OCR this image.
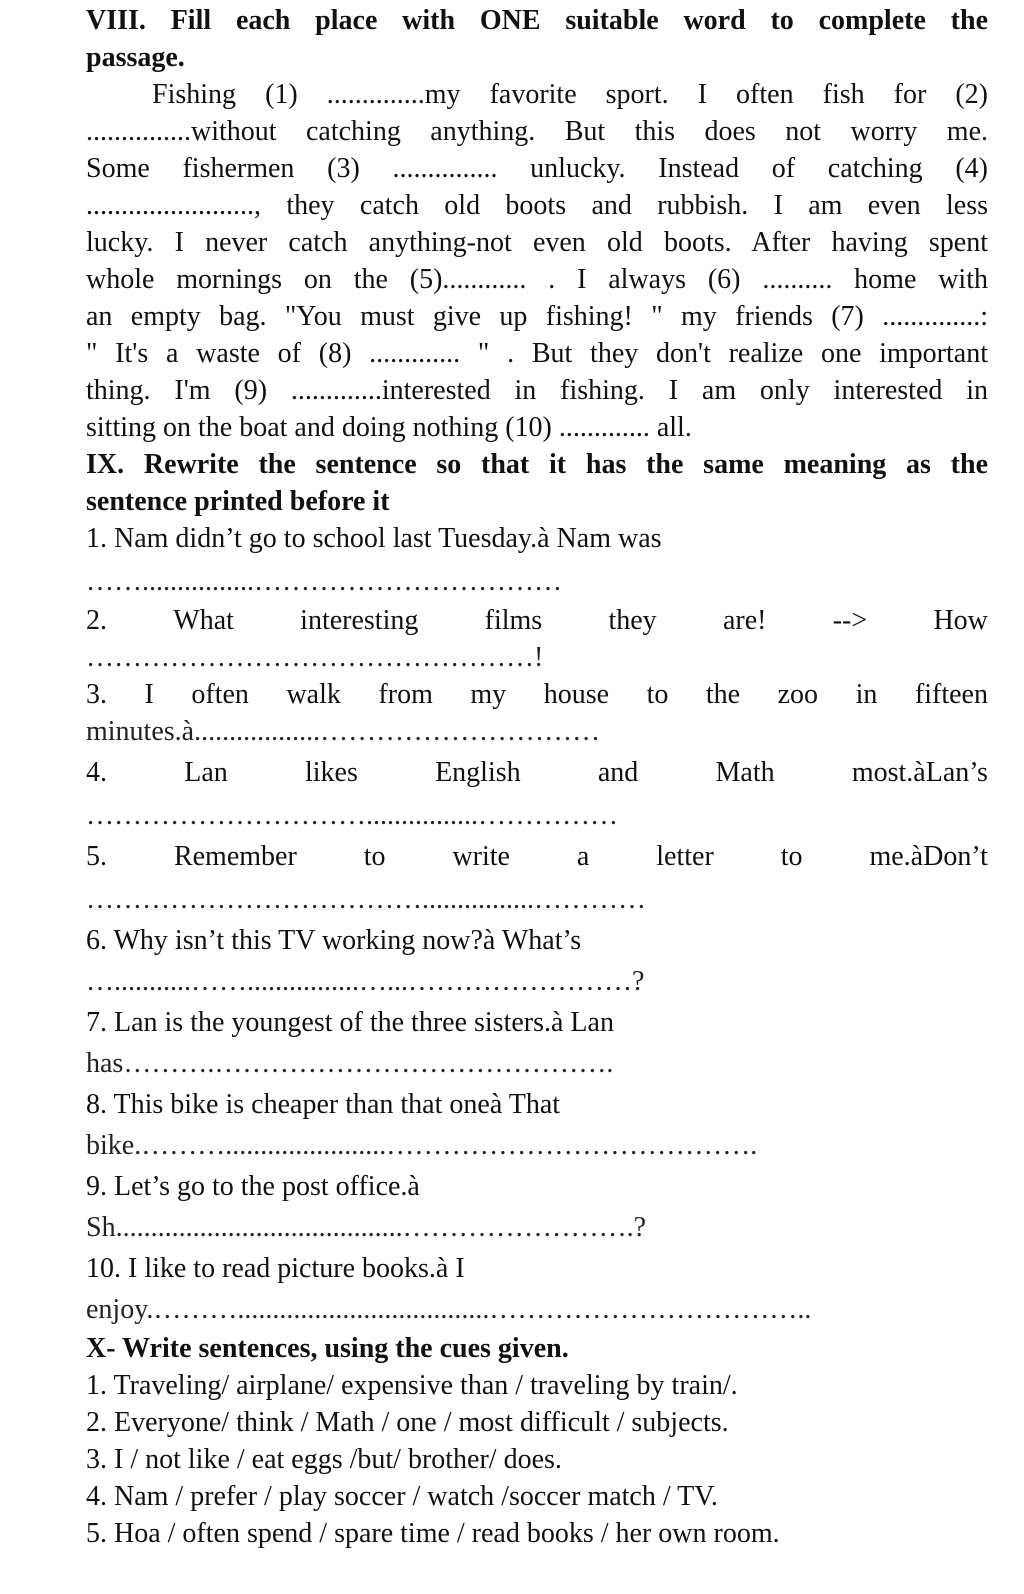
VIII. Fill each place with ONE suitable word to complete the
passage.
Fishing (1) ..............my favorite sport. I often fish for (2)
...............without catching anything. But this does not worry me.
Some fishermen (3) ............... unlucky. Instead of catching (4)
........................, they catch old boots and rubbish. I am even less
lucky. I never catch anything-not even old boots. After having spent
whole mornings on the (5)............ . I always (6) .......... home with
an empty bag. "You must give up fishing! " my friends (7) ..............:
" It's a waste of (8) ............. " . But they don't realize one important
thing. I'm (9) .............interested in fishing. I am only interested in
sitting on the boat and doing nothing (10) ............. all.
IX. Rewrite the sentence so that it has the same meaning as the
sentence printed before it
1. Nam didn’t go to school last Tuesday.à Nam was
……................……………………………
2. What interesting films they are! --> How
…………………………………………!
3. I often walk from my house to the zoo in fifteen
minutes.à..................…………………………
4.	Lan	likes	English	and	Math	most.àLan’s
…………………………................……………
5. Remember to write a letter to me.àDon’t
………………………………................…………
6. Why isn’t this TV working now?à What’s
…...........……................…...……………………?
7. Lan is the youngest of the three sisters.à Lan
has……….…………………………………….
8. This bike is cheaper than that oneà That
bike.……….......................………………………………….
9. Let’s go to the post office.à
Sh.........................................…………………….?
10. I like to read picture books.à I
enjoy.………....................................……………………………..
X- Write sentences, using the cues given.
1. Traveling/ airplane/ expensive than / traveling by train/.
2. Everyone/ think / Math / one / most difficult / subjects.
3. I / not like / eat eggs /but/ brother/ does.
4. Nam / prefer / play soccer / watch /soccer match / TV.
5. Hoa / often spend / spare time / read books / her own room.
